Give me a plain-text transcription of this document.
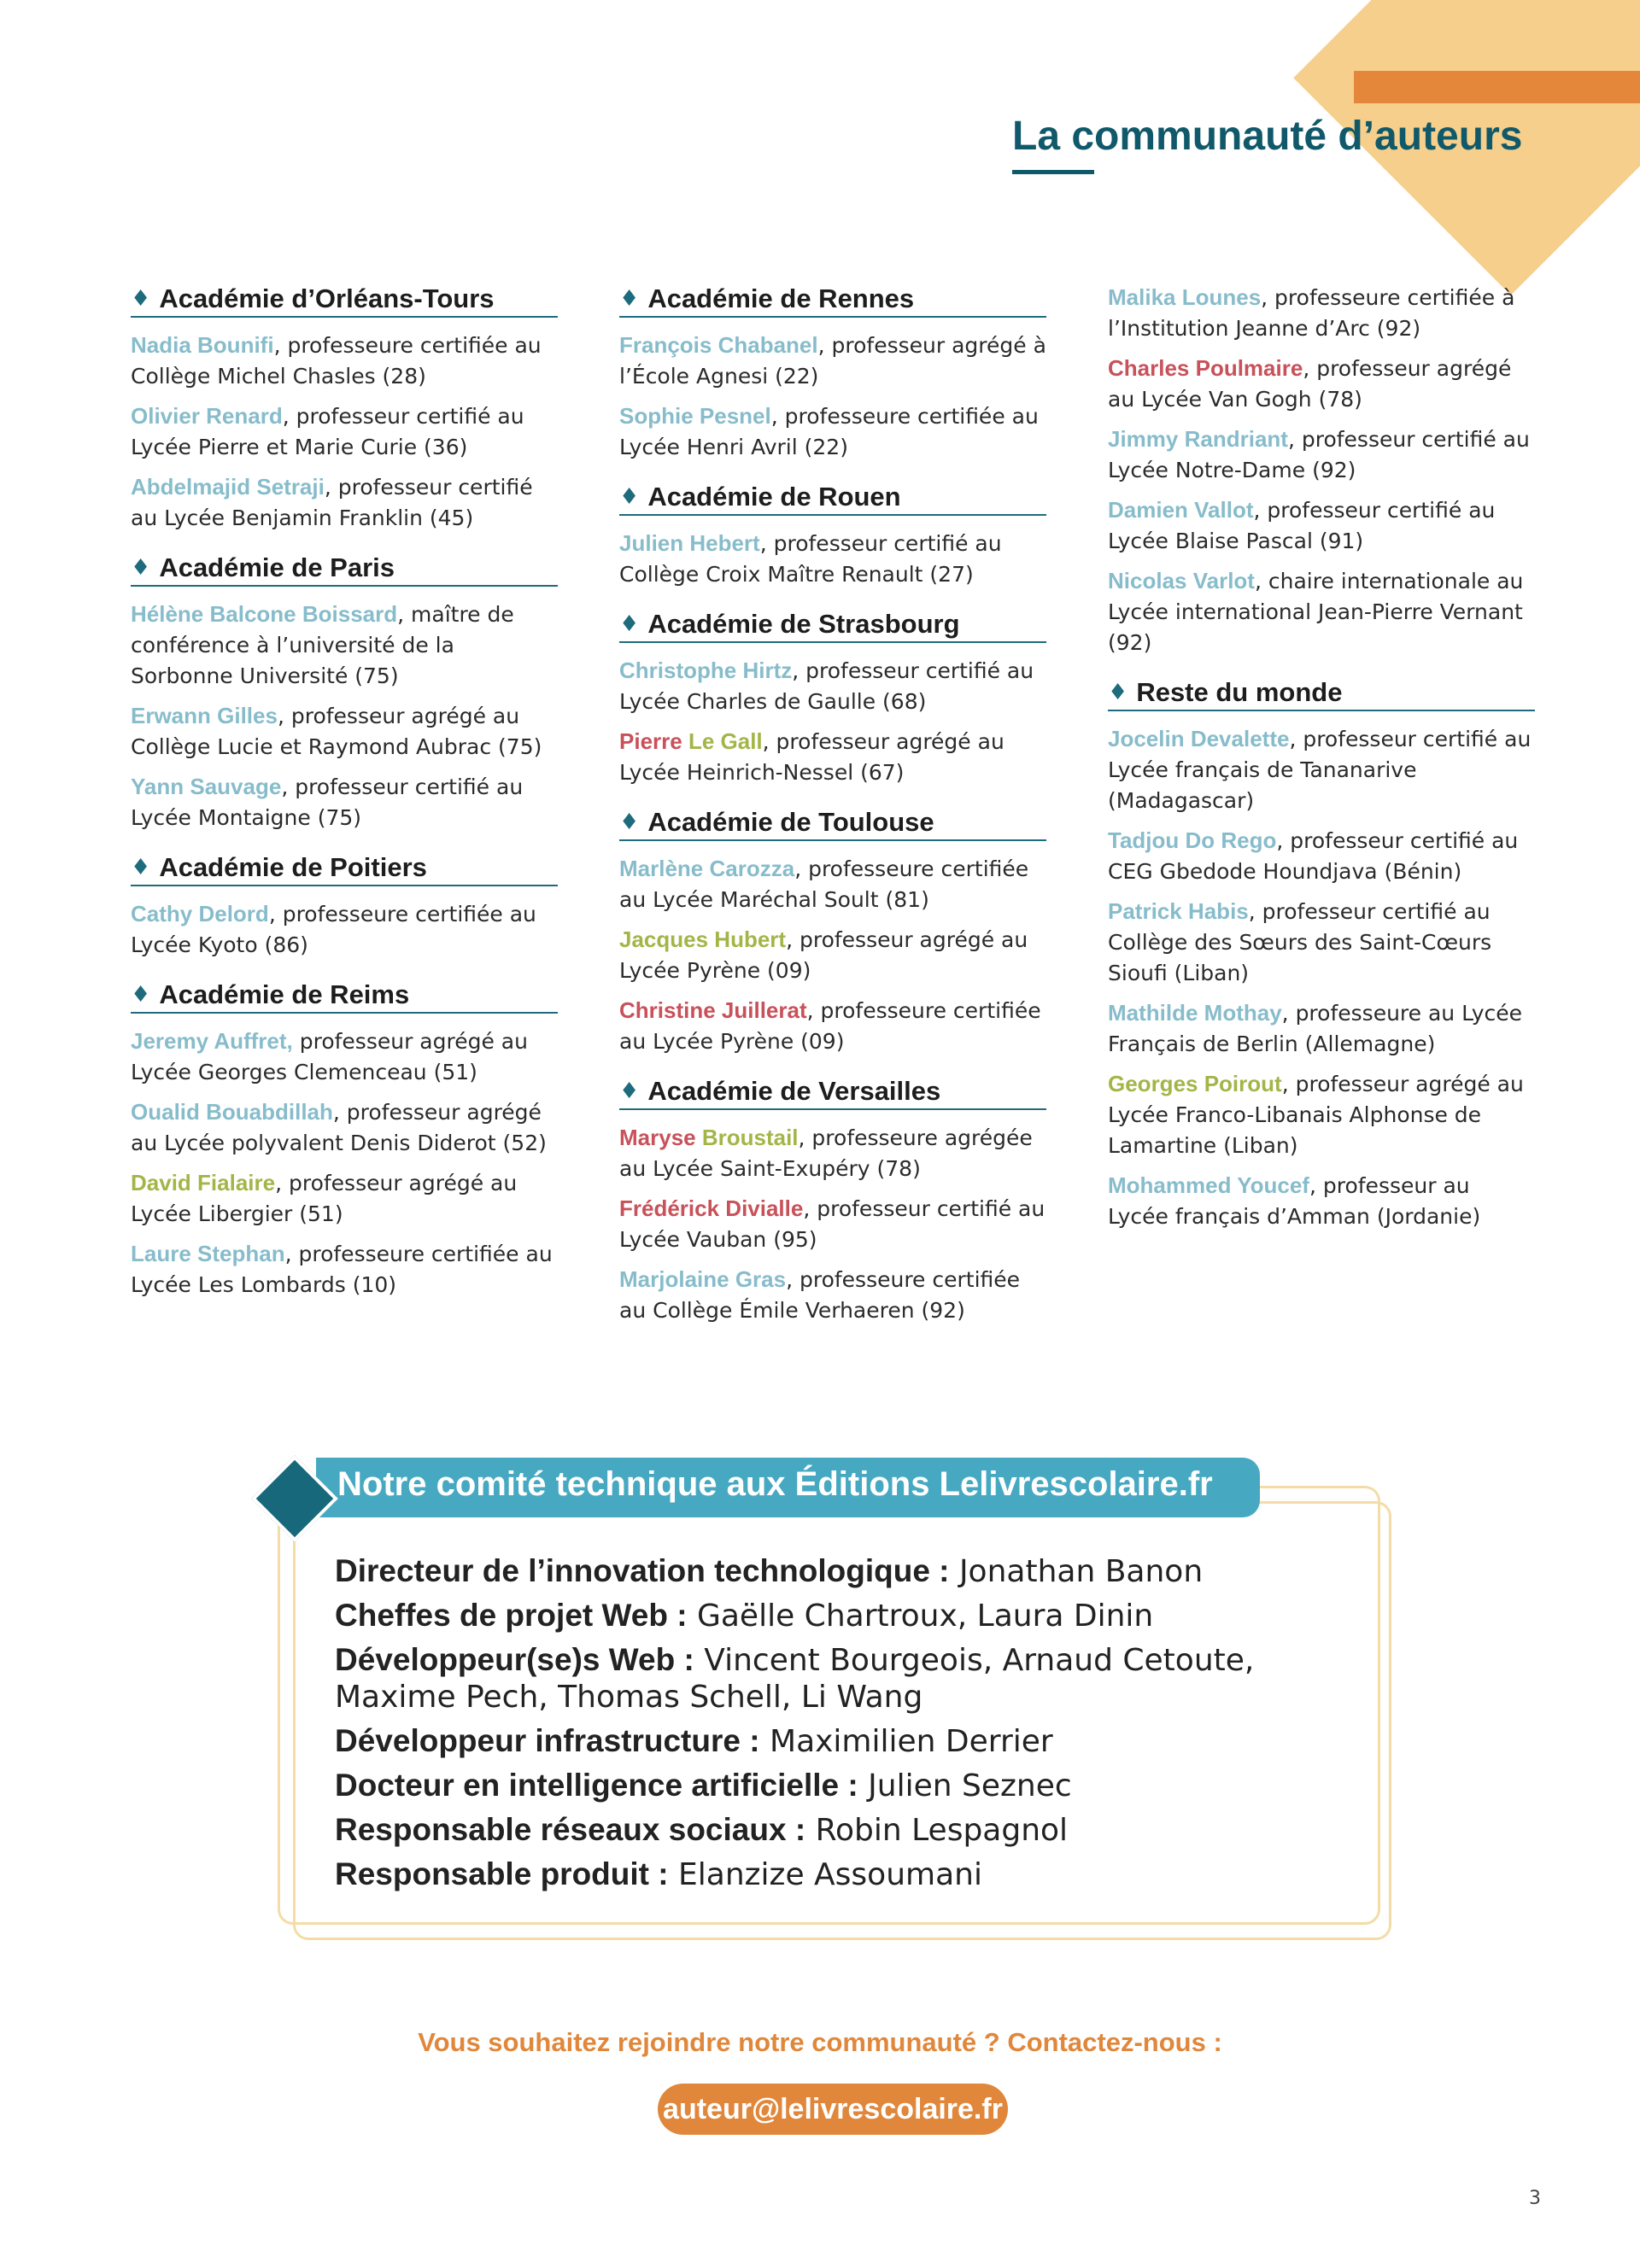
La communauté d’auteurs
♦ Académie d’Orléans-Tours
Nadia Bounifi, professeure certifiée au Collège Michel Chasles (28)
Olivier Renard, professeur certifié au Lycée Pierre et Marie Curie (36)
Abdelmajid Setraji, professeur certifié au Lycée Benjamin Franklin (45)
♦ Académie de Paris
Hélène Balcone Boissard, maître de conférence à l’université de la Sorbonne Université (75)
Erwann Gilles, professeur agrégé au Collège Lucie et Raymond Aubrac (75)
Yann Sauvage, professeur certifié au Lycée Montaigne (75)
♦ Académie de Poitiers
Cathy Delord, professeure certifiée au Lycée Kyoto (86)
♦ Académie de Reims
Jeremy Auffret, professeur agrégé au Lycée Georges Clemenceau (51)
Oualid Bouabdillah, professeur agrégé au Lycée polyvalent Denis Diderot (52)
David Fialaire, professeur agrégé au Lycée Libergier (51)
Laure Stephan, professeure certifiée au Lycée Les Lombards (10)
♦ Académie de Rennes
François Chabanel, professeur agrégé à l’École Agnesi (22)
Sophie Pesnel, professeure certifiée au Lycée Henri Avril (22)
♦ Académie de Rouen
Julien Hebert, professeur certifié au Collège Croix Maître Renault (27)
♦ Académie de Strasbourg
Christophe Hirtz, professeur certifié au Lycée Charles de Gaulle (68)
Pierre Le Gall, professeur agrégé au Lycée Heinrich-Nessel (67)
♦ Académie de Toulouse
Marlène Carozza, professeure certifiée au Lycée Maréchal Soult (81)
Jacques Hubert, professeur agrégé au Lycée Pyrène (09)
Christine Juillerat, professeure certifiée au Lycée Pyrène (09)
♦ Académie de Versailles
Maryse Broustail, professeure agrégée au Lycée Saint-Exupéry (78)
Frédérick Divialle, professeur certifié au Lycée Vauban (95)
Marjolaine Gras, professeure certifiée au Collège Émile Verhaeren (92)
Malika Lounes, professeure certifiée à l’Institution Jeanne d’Arc (92)
Charles Poulmaire, professeur agrégé au Lycée Van Gogh (78)
Jimmy Randriant, professeur certifié au Lycée Notre-Dame (92)
Damien Vallot, professeur certifié au Lycée Blaise Pascal (91)
Nicolas Varlot, chaire internationale au Lycée international Jean-Pierre Vernant (92)
♦ Reste du monde
Jocelin Devalette, professeur certifié au Lycée français de Tananarive (Madagascar)
Tadjou Do Rego, professeur certifié au CEG Gbedode Houndjava (Bénin)
Patrick Habis, professeur certifié au Collège des Sœurs des Saint-Cœurs Sioufi (Liban)
Mathilde Mothay, professeure au Lycée Français de Berlin (Allemagne)
Georges Poirout, professeur agrégé au Lycée Franco-Libanais Alphonse de Lamartine (Liban)
Mohammed Youcef, professeur au Lycée français d’Amman (Jordanie)
Notre comité technique aux Éditions Lelivrescolaire.fr
Directeur de l’innovation technologique : Jonathan Banon
Cheffes de projet Web : Gaëlle Chartroux, Laura Dinin
Développeur(se)s Web : Vincent Bourgeois, Arnaud Cetoute, Maxime Pech, Thomas Schell, Li Wang
Développeur infrastructure : Maximilien Derrier
Docteur en intelligence artificielle : Julien Seznec
Responsable réseaux sociaux : Robin Lespagnol
Responsable produit : Elanzize Assoumani
Vous souhaitez rejoindre notre communauté ? Contactez-nous :
auteur@lelivrescolaire.fr
3
